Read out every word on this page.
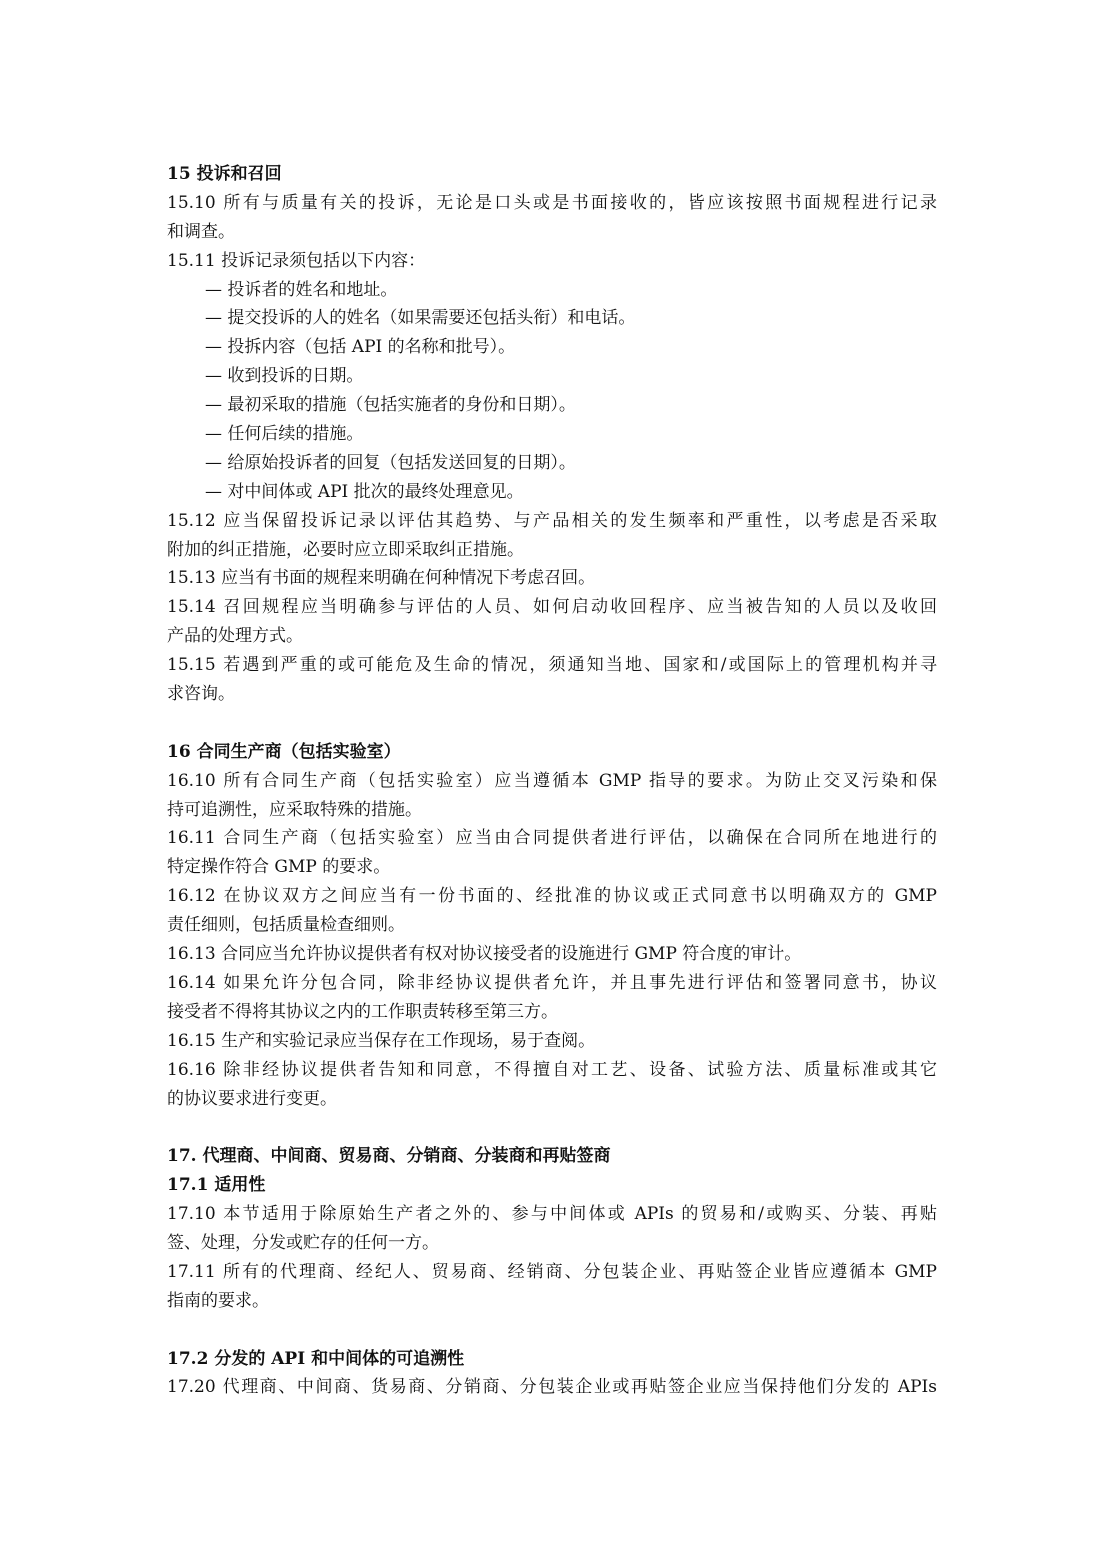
15 投诉和召回
15.10 所有与质量有关的投诉，无论是口头或是书面接收的，皆应该按照书面规程进行记录
和调查。
15.11 投诉记录须包括以下内容：
— 投诉者的姓名和地址。
— 提交投诉的人的姓名（如果需要还包括头衔）和电话。
— 投拆内容（包括 API 的名称和批号）。
— 收到投诉的日期。
— 最初采取的措施（包括实施者的身份和日期）。
— 任何后续的措施。
— 给原始投诉者的回复（包括发送回复的日期）。
— 对中间体或 API 批次的最终处理意见。
15.12 应当保留投诉记录以评估其趋势、与产品相关的发生频率和严重性，以考虑是否采取
附加的纠正措施，必要时应立即采取纠正措施。
15.13 应当有书面的规程来明确在何种情况下考虑召回。
15.14 召回规程应当明确参与评估的人员、如何启动收回程序、应当被告知的人员以及收回
产品的处理方式。
15.15 若遇到严重的或可能危及生命的情况，须通知当地、国家和/或国际上的管理机构并寻
求咨询。
16 合同生产商（包括实验室）
16.10 所有合同生产商（包括实验室）应当遵循本 GMP 指导的要求。为防止交叉污染和保
持可追溯性，应采取特殊的措施。
16.11 合同生产商（包括实验室）应当由合同提供者进行评估，以确保在合同所在地进行的
特定操作符合 GMP 的要求。
16.12 在协议双方之间应当有一份书面的、经批准的协议或正式同意书以明确双方的 GMP
责任细则，包括质量检查细则。
16.13 合同应当允许协议提供者有权对协议接受者的设施进行 GMP 符合度的审计。
16.14 如果允许分包合同，除非经协议提供者允许，并且事先进行评估和签署同意书，协议
接受者不得将其协议之内的工作职责转移至第三方。
16.15 生产和实验记录应当保存在工作现场，易于查阅。
16.16 除非经协议提供者告知和同意，不得擅自对工艺、设备、试验方法、质量标准或其它
的协议要求进行变更。
17. 代理商、中间商、贸易商、分销商、分装商和再贴签商
17.1 适用性
17.10 本节适用于除原始生产者之外的、参与中间体或 APIs 的贸易和/或购买、分装、再贴
签、处理，分发或贮存的任何一方。
17.11 所有的代理商、经纪人、贸易商、经销商、分包装企业、再贴签企业皆应遵循本 GMP
指南的要求。
17.2 分发的 API 和中间体的可追溯性
17.20 代理商、中间商、货易商、分销商、分包装企业或再贴签企业应当保持他们分发的 APIs
